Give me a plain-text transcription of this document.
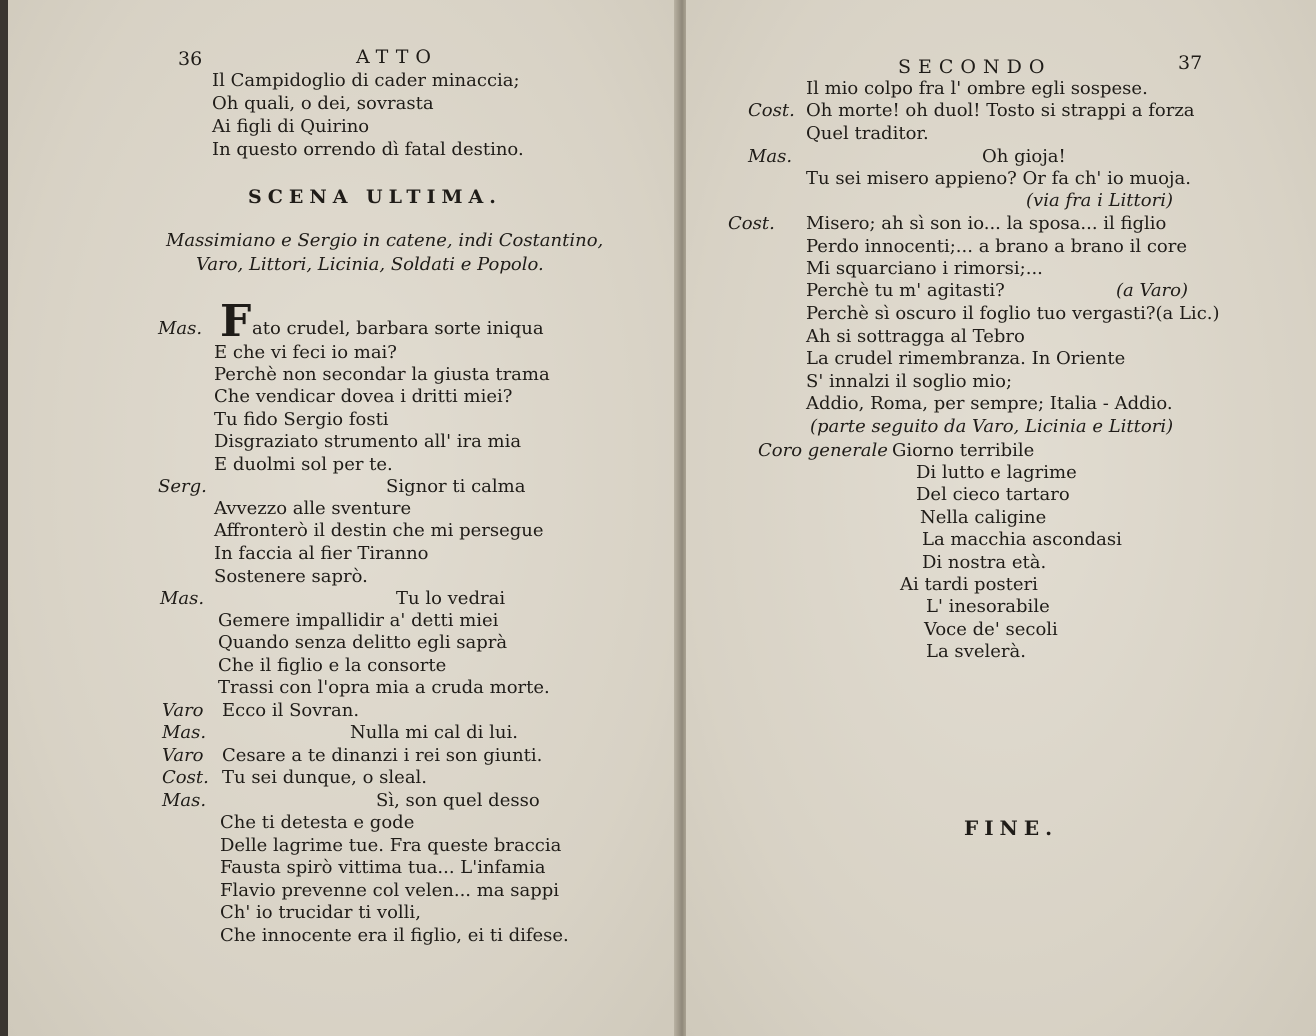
36	ATTO
Il Campidoglio di cader minaccia;
Oh quali, o dei, sovrasta
Ai figli di Quirino
In questo orrendo dì fatal destino.
SCENA ULTIMA.
Massimiano e Sergio in catene, indi Costantino,
Varo, Littori, Licinia, Soldati e Popolo.
F
Mas.	ato crudel, barbara sorte iniqua
E che vi feci io mai?
Perchè non secondar la giusta trama
Che vendicar dovea i dritti miei?
Tu fido Sergio fosti
Disgraziato strumento all' ira mia
E duolmi sol per te.
Serg.	Signor ti calma
Avvezzo alle sventure
Affronterò il destin che mi persegue
In faccia al fier Tiranno
Sostenere saprò.
Mas.	Tu lo vedrai
Gemere impallidir a' detti miei
Quando senza delitto egli saprà
Che il figlio e la consorte
Trassi con l'opra mia a cruda morte.
Varo Ecco il Sovran.
Mas.	Nulla mi cal di lui.
Varo Cesare a te dinanzi i rei son giunti.
Cost. Tu sei dunque, o sleal.
Mas.	Sì, son quel desso
Che ti detesta e gode
Delle lagrime tue. Fra queste braccia
Fausta spirò vittima tua... L'infamia
Flavio prevenne col velen... ma sappi
Ch' io trucidar ti volli,
Che innocente era il figlio, ei ti difese.
SECONDO	37
Il mio colpo fra l' ombre egli sospese.
Cost. Oh morte! oh duol! Tosto si strappi a forza
Quel traditor.
Mas.	Oh gioja!
Tu sei misero appieno? Or fa ch' io muoja.
(via fra i Littori)
Cost. Misero; ah sì son io... la sposa... il figlio
Perdo innocenti;... a brano a brano il core
Mi squarciano i rimorsi;...
Perchè tu m' agitasti?	(a Varo)
Perchè sì oscuro il foglio tuo vergasti?(a Lic.)
Ah si sottragga al Tebro
La crudel rimembranza. In Oriente
S' innalzi il soglio mio;
Addio, Roma, per sempre; Italia - Addio.
(parte seguito da Varo, Licinia e Littori)
Coro generale Giorno terribile
Di lutto e lagrime
Del cieco tartaro
Nella caligine
La macchia ascondasi
Di nostra età.
Ai tardi posteri
L' inesorabile
Voce de' secoli
La svelerà.
FINE.
